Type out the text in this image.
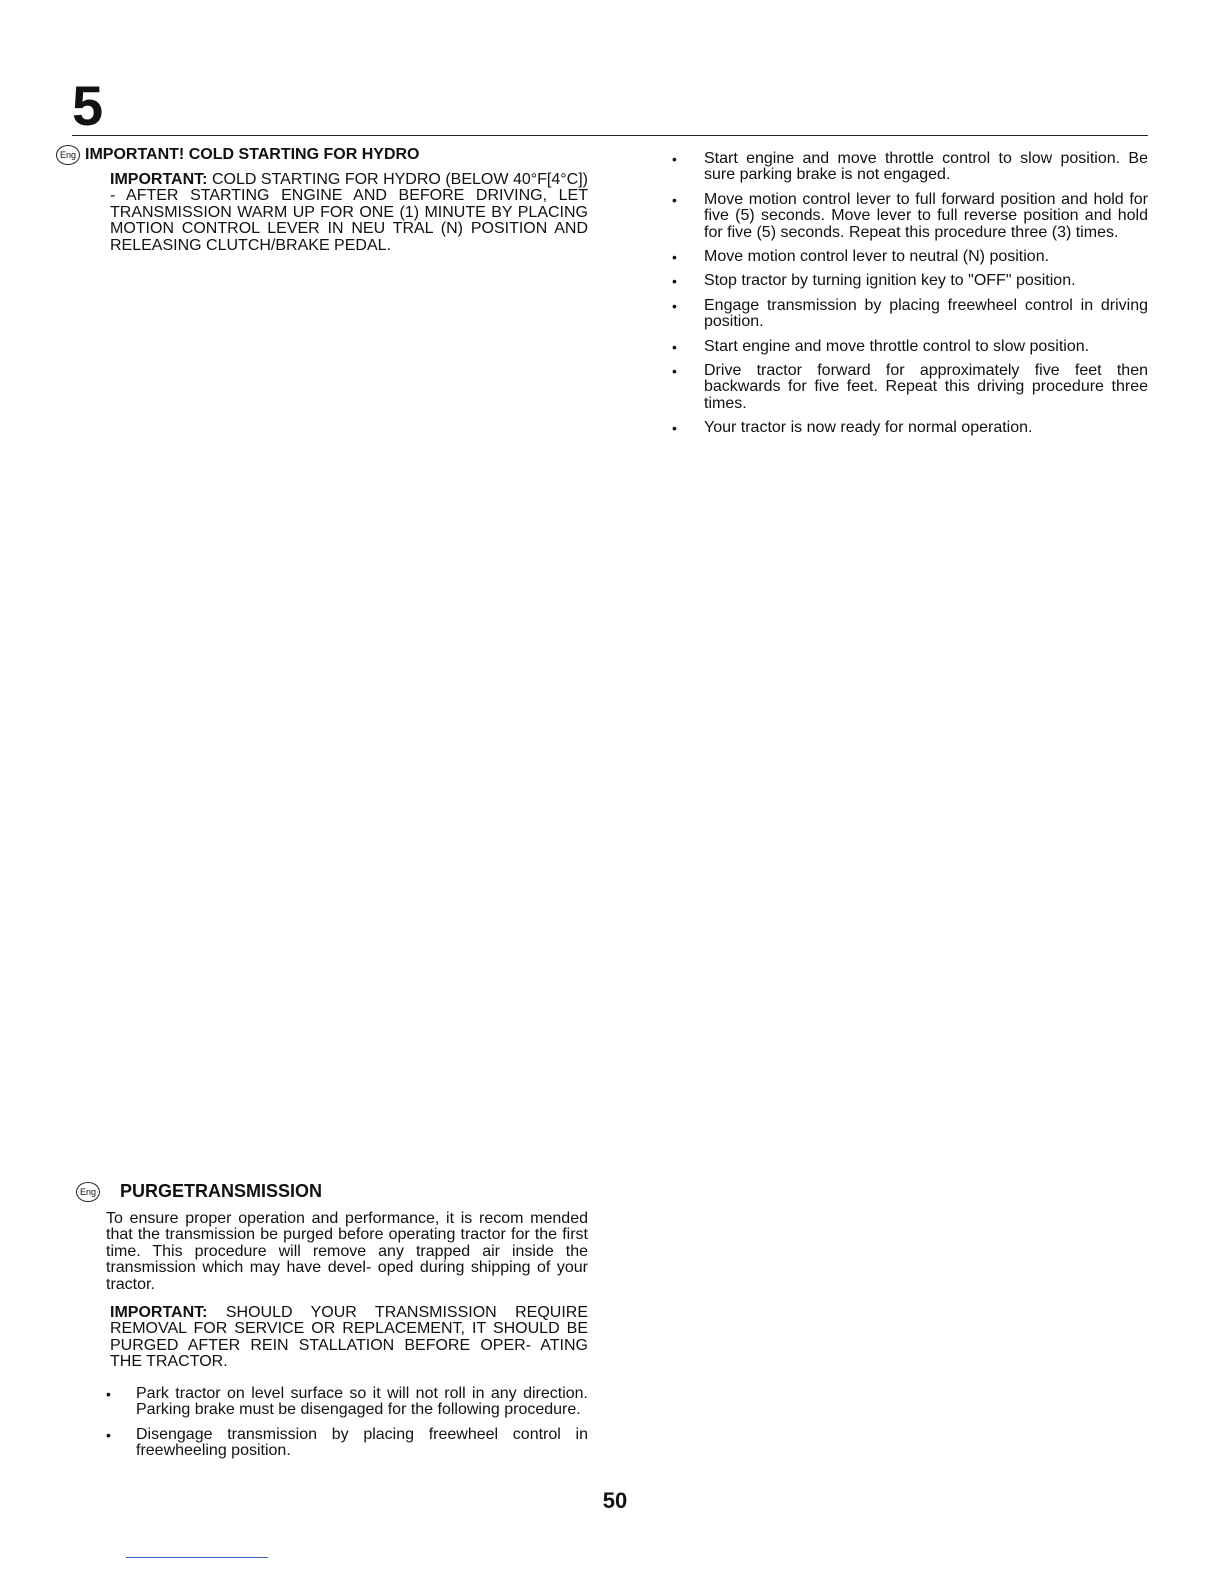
5
Eng IMPORTANT! COLD STARTING FOR HYDRO

IMPORTANT: COLD STARTING FOR HYDRO (BELOW 40°F[4°C]) - AFTER STARTING ENGINE AND BEFORE DRIVING, LET TRANSMISSION WARM UP FOR ONE (1) MINUTE BY PLACING MOTION CONTROL LEVER IN NEU TRAL (N) POSITION AND RELEASING CLUTCH/BRAKE PEDAL.

Eng PURGETRANSMISSION

To ensure proper operation and performance, it is recom mended that the transmission be purged before operating tractor for the first time. This procedure will remove any trapped air inside the transmission which may have devel- oped during shipping of your tractor.

IMPORTANT: SHOULD YOUR TRANSMISSION REQUIRE REMOVAL FOR SERVICE OR REPLACEMENT, IT SHOULD BE PURGED AFTER REIN STALLATION BEFORE OPER- ATING THE TRACTOR.

• Park tractor on level surface so it will not roll in any direction. Parking brake must be disengaged for the following procedure.
• Disengage transmission by placing freewheel control in freewheeling position.
• Start engine and move throttle control to slow position. Be sure parking brake is not engaged.
• Move motion control lever to full forward position and hold for five (5) seconds. Move lever to full reverse position and hold for five (5) seconds. Repeat this procedure three (3) times.
• Move motion control lever to neutral (N) position.
• Stop tractor by turning ignition key to "OFF" position.
• Engage transmission by placing freewheel control in driving position.
• Start engine and move throttle control to slow position.
• Drive tractor forward for approximately five feet then backwards for five feet. Repeat this driving procedure three times.
• Your tractor is now ready for normal operation.
50
